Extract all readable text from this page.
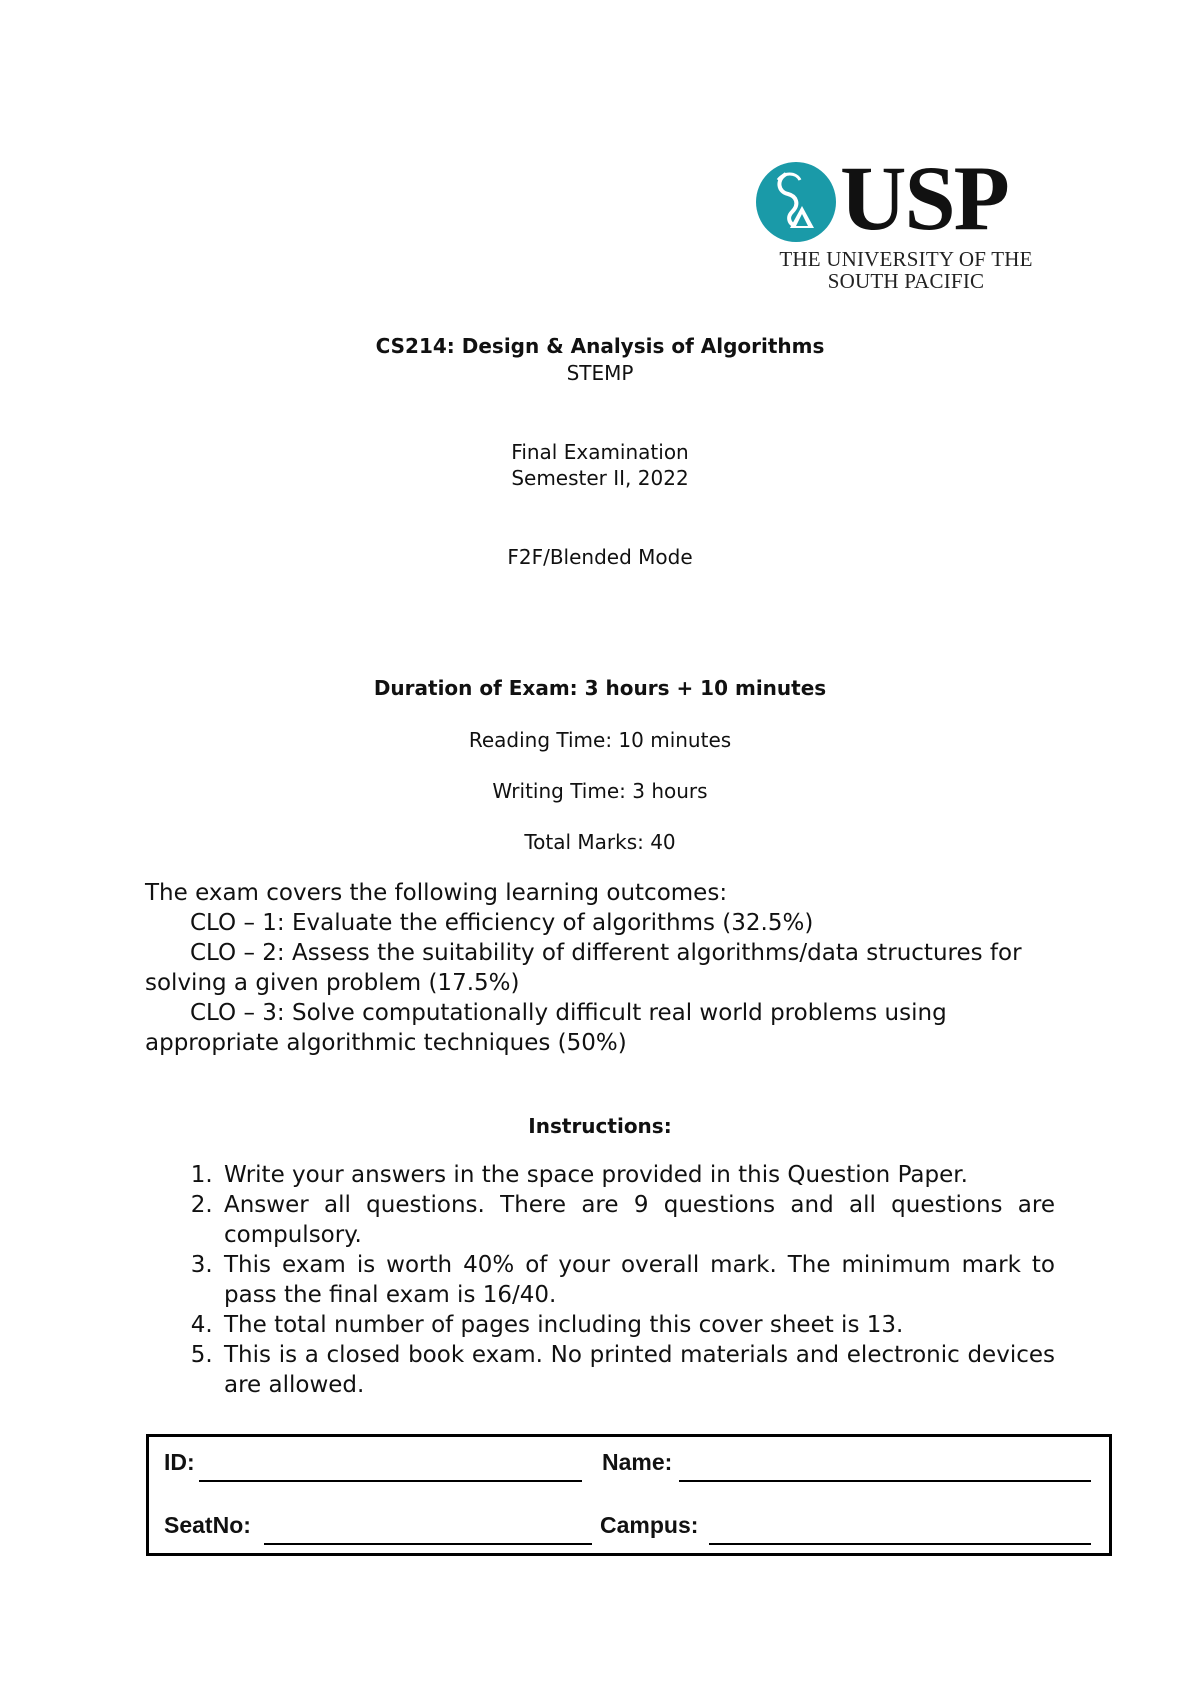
USP
THE UNIVERSITY OF THE
SOUTH PACIFIC
CS214: Design & Analysis of Algorithms
STEMP
Final Examination
Semester II, 2022
F2F/Blended Mode
Duration of Exam: 3 hours + 10 minutes
Reading Time: 10 minutes
Writing Time: 3 hours
Total Marks: 40
The exam covers the following learning outcomes:
CLO – 1: Evaluate the efficiency of algorithms (32.5%)
CLO – 2: Assess the suitability of different algorithms/data structures for
solving a given problem (17.5%)
CLO – 3: Solve computationally difficult real world problems using
appropriate algorithmic techniques (50%)
Instructions:
1. Write your answers in the space provided in this Question Paper.
2. Answer all questions. There are 9 questions and all questions are compulsory.
3. This exam is worth 40% of your overall mark. The minimum mark to pass the final exam is 16/40.
4. The total number of pages including this cover sheet is 13.
5. This is a closed book exam. No printed materials and electronic devices are allowed.
ID:	Name:
SeatNo:	Campus:
